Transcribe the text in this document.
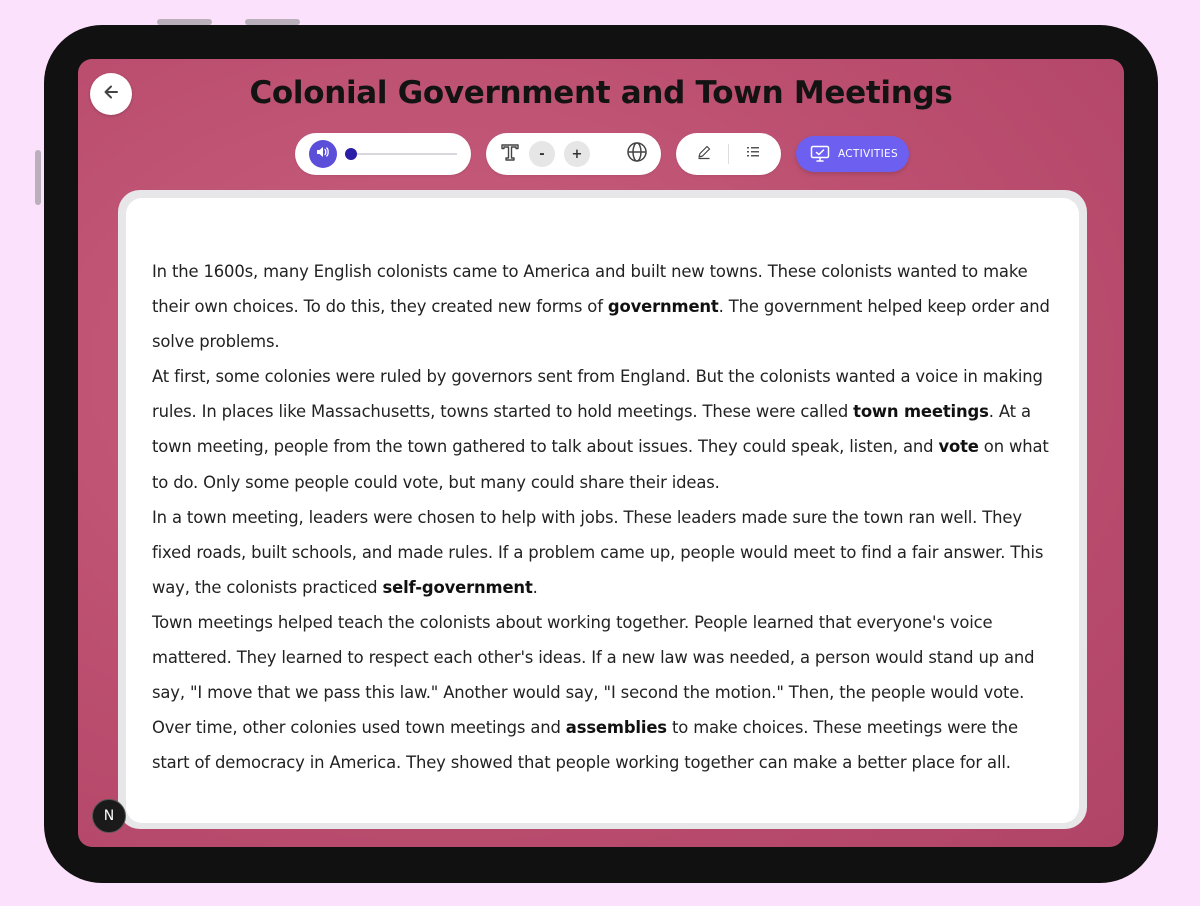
Colonial Government and Town Meetings
-	+	ACTIVITIES

In the 1600s, many English colonists came to America and built new towns. These colonists wanted to make their own choices. To do this, they created new forms of government. The government helped keep order and solve problems.

At first, some colonies were ruled by governors sent from England. But the colonists wanted a voice in making rules. In places like Massachusetts, towns started to hold meetings. These were called town meetings. At a town meeting, people from the town gathered to talk about issues. They could speak, listen, and vote on what to do. Only some people could vote, but many could share their ideas.

In a town meeting, leaders were chosen to help with jobs. These leaders made sure the town ran well. They fixed roads, built schools, and made rules. If a problem came up, people would meet to find a fair answer. This way, the colonists practiced self-government.

Town meetings helped teach the colonists about working together. People learned that everyone's voice mattered. They learned to respect each other's ideas. If a new law was needed, a person would stand up and say, "I move that we pass this law." Another would say, "I second the motion." Then, the people would vote.

Over time, other colonies used town meetings and assemblies to make choices. These meetings were the start of democracy in America. They showed that people working together can make a better place for all.

N
